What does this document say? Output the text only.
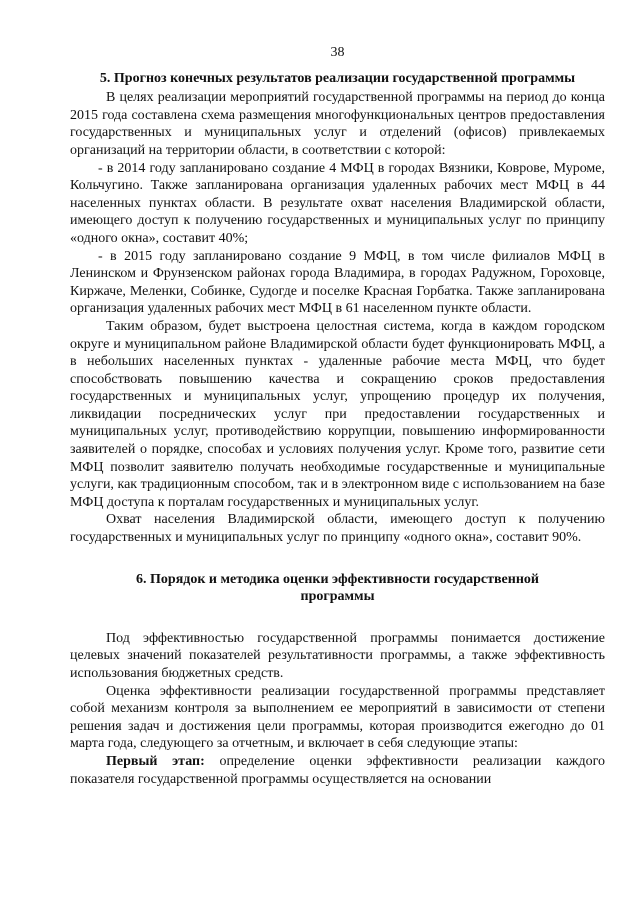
38
5. Прогноз конечных результатов реализации государственной программы

В целях реализации мероприятий государственной программы на период до конца 2015 года составлена схема размещения многофункциональных центров предоставления государственных и муниципальных услуг и отделений (офисов) привлекаемых организаций на территории области, в соответствии с которой:

- в 2014 году запланировано создание 4 МФЦ в городах Вязники, Коврове, Муроме, Кольчугино. Также запланирована организация удаленных рабочих мест МФЦ в 44 населенных пунктах области. В результате охват населения Владимирской области, имеющего доступ к получению государственных и муниципальных услуг по принципу «одного окна», составит 40%;

- в 2015 году запланировано создание 9 МФЦ, в том числе филиалов МФЦ в Ленинском и Фрунзенском районах города Владимира, в городах Радужном, Гороховце, Киржаче, Меленки, Собинке, Судогде и поселке Красная Горбатка. Также запланирована организация удаленных рабочих мест МФЦ в 61 населенном пункте области.

Таким образом, будет выстроена целостная система, когда в каждом городском округе и муниципальном районе Владимирской области будет функционировать МФЦ, а в небольших населенных пунктах - удаленные рабочие места МФЦ, что будет способствовать повышению качества и сокращению сроков предоставления государственных и муниципальных услуг, упрощению процедур их получения, ликвидации посреднических услуг при предоставлении государственных и муниципальных услуг, противодействию коррупции, повышению информированности заявителей о порядке, способах и условиях получения услуг. Кроме того, развитие сети МФЦ позволит заявителю получать необходимые государственные и муниципальные услуги, как традиционным способом, так и в электронном виде с использованием на базе МФЦ доступа к порталам государственных и муниципальных услуг.

Охват населения Владимирской области, имеющего доступ к получению государственных и муниципальных услуг по принципу «одного окна», составит 90%.

6. Порядок и методика оценки эффективности государственной
программы

Под эффективностью государственной программы понимается достижение целевых значений показателей результативности программы, а также эффективность использования бюджетных средств.

Оценка эффективности реализации государственной программы представляет собой механизм контроля за выполнением ее мероприятий в зависимости от степени решения задач и достижения цели программы, которая производится ежегодно до 01 марта года, следующего за отчетным, и включает в себя следующие этапы:

Первый этап: определение оценки эффективности реализации каждого показателя государственной программы осуществляется на основании
